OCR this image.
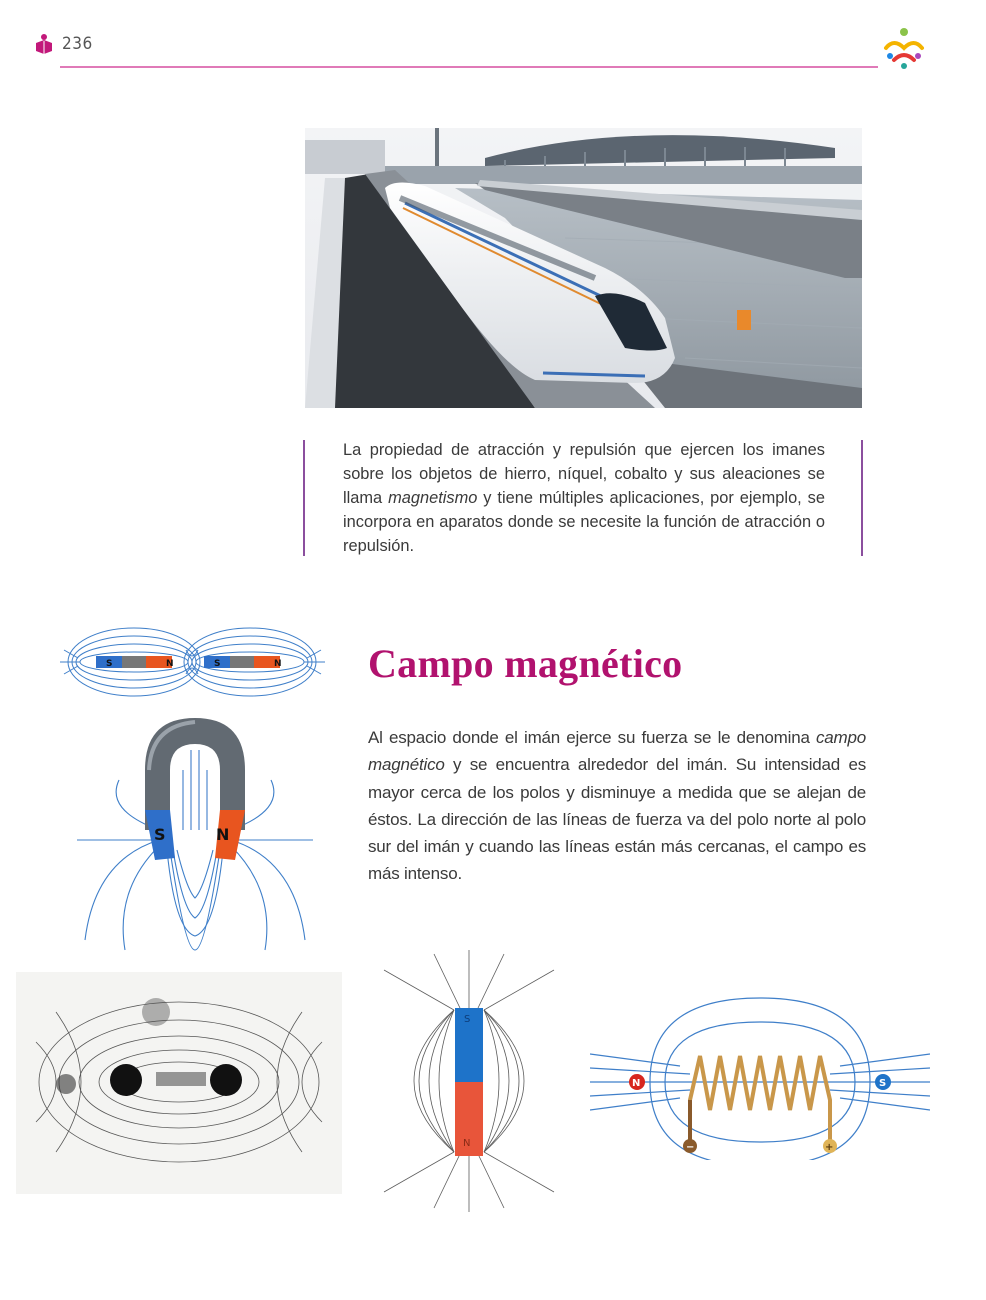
236

La propiedad de atracción y repulsión que ejercen los imanes sobre los objetos de hierro, níquel, cobalto y sus aleaciones se llama magnetismo y tiene múltiples aplicaciones, por ejemplo, se incorpora en aparatos donde se necesite la función de atracción o repulsión.

S	N	S	N
S	N
Campo magnético

Al espacio donde el imán ejerce su fuerza se le denomina campo magnético y se encuentra alrededor del imán. Su intensidad es mayor cerca de los polos y disminuye a medida que se alejan de éstos. La dirección de las líneas de fuerza va del polo norte al polo sur del imán y cuando las líneas están más cercanas, el campo es más intenso.

S
N	−	+
N	S
